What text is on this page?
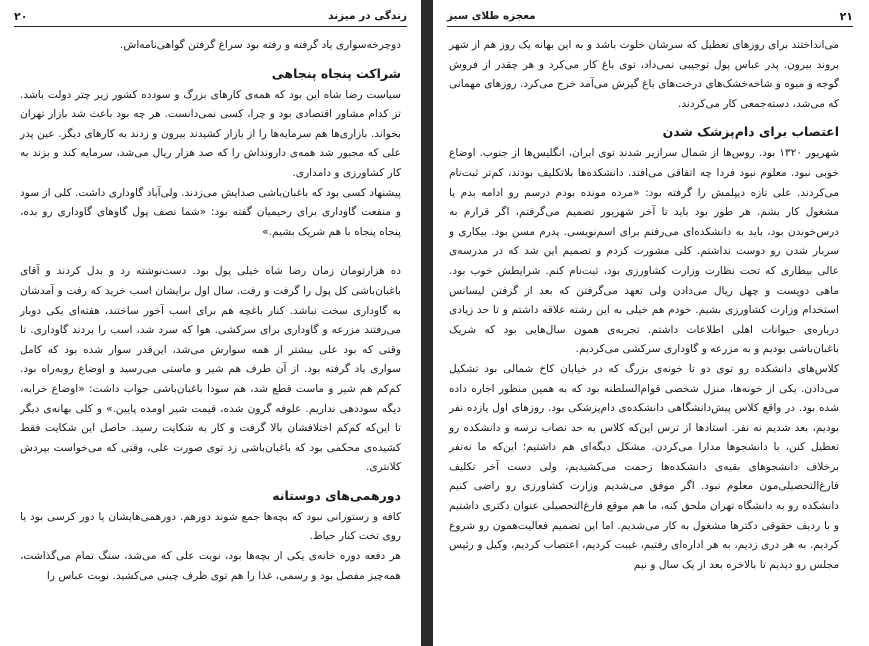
زندگی در میزند
۲۰

دوچرخه‌سواری یاد گرفته و رفته بود سراغ گرفتن گواهی‌نامه‌اش.

شراکت پنجاه پنجاهی

سیاست رضا شاه این بود که همه‌ی کارهای بزرگ و سودده کشور زیر چتر دولت باشد. تز کدام مشاور اقتصادی بود و چرا، کسی نمی‌دانست. هر چه بود باعث شد بازار تهران بخواند. بازاری‌ها هم سرمایه‌ها را از بازار کشیدند بیرون و زدند به کارهای دیگر. عین پدر علی که مجبور شد همه‌ی دارونداش را که صد هزار ریال می‌شد، سرمایه کند و بزند به کار کشاورزی و دامداری.

پیشنهاد کسی بود که باغبان‌باشی صدایش می‌زدند. ولی‌آباد گاوداری داشت. کلی از سود و منفعت گاوداری برای رحیمیان گفته بود: «شما نصف پول گاوهای گاوداری رو بده، پنجاه پنجاه با هم شریک بشیم.»

ده هزارتومان زمان رضا شاه خیلی پول بود. دست‌نوشته رد و بدل کردند و آقای باغبان‌باشی کل پول را گرفت و رفت. سال اول برایشان اسب خرید که رفت و آمدشان به گاوداری سخت نباشد. کنار باغچه هم برای اسب آخور ساختند، هفته‌ای یکی دوبار می‌رفتند مزرعه و گاوداری برای سرکشی. هوا که سرد شد، اسب را بردند گاوداری. تا وقتی که بود علی بیشتر از همه سوارش می‌شد، این‌قدر سوار شده بود که کامل سواری یاد گرفته بود. از آن طرف هم شیر و ماستی می‌رسید و اوضاع روبه‌راه بود. کم‌کم هم شیر و ماست قطع شد، هم سودا باغبان‌باشی جواب داشت: «اوضاع خرابه، دیگه سوددهی نداریم. علوفه گرون شده، قیمت شیر اومده پایین.» و کلی بهانه‌ی دیگر تا این‌که کم‌کم اختلافشان بالا گرفت و کار به شکایت رسید. حاصل این شکایت فقط کشیده‌ی محکمی بود که باغبان‌باشی زد توی صورت علی، وقتی که می‌خواست بپردش کلانتری.

دورهمی‌های دوستانه

کافه و رستورانی نبود که بچه‌ها جمع شوند دورهم. دورهمی‌هایشان یا دور کرسی بود یا روی تخت کنار حیاط.

هر دفعه دوره خانه‌ی یکی از بچه‌ها بود، نوبت علی که می‌شد، سنگ تمام می‌گذاشت، همه‌چیز مفصل بود و رسمی، غذا را هم توی ظرف چینی می‌کشید. نوبت عباس را

۲۱
معجزه طلای سبز

می‌انداختند برای روزهای تعطیل که سرشان خلوت باشد و به این بهانه یک روز هم از شهر بروند بیرون. پدر عباس پول توجیبی نمی‌داد، توی باغ کار می‌کرد و هر چقدر از فروش گوجه و میوه و شاخه‌خشک‌های درخت‌های باغ گیرش می‌آمد خرج می‌کرد. روزهای مهمانی که می‌شد، دسته‌جمعی کار می‌کردند.

اعتصاب برای دام‌پزشک شدن

شهریور ۱۳۲۰ بود. روس‌ها از شمال سرازیر شدند توی ایران، انگلیس‌ها از جنوب. اوضاع خوبی نبود. معلوم نبود فردا چه اتفاقی می‌افتد. دانشکده‌ها بلاتکلیف بودند، کم‌تر ثبت‌نام می‌کردند. علی تازه دیپلمش را گرفته بود: «مرده مونده بودم درسم رو ادامه بدم یا مشغول کار بشم. هر طور بود باید تا آخر شهریور تصمیم می‌گرفتم، اگر قرارم به درس‌خوندن بود، باید به دانشکده‌ای می‌رفتم برای اسم‌نویسی. پدرم مسن بود. بیکاری و سربار شدن رو دوست نداشتم. کلی مشورت کردم و تصمیم این شد که در مدرسه‌ی عالی بیطاری که تحت نظارت وزارت کشاورزی بود، ثبت‌نام کنم. شرایطش خوب بود. ماهی دویست و چهل ریال می‌دادن ولی تعهد می‌گرفتن که بعد از گرفتن لیسانس استخدام وزارت کشاورزی بشیم. خودم هم خیلی به این رشته علاقه داشتم و تا حد زیادی درباره‌ی حیوانات اهلی اطلاعات داشتم. تجربه‌ی همون سال‌هایی بود که شریک باغبان‌باشی بودیم و به مزرعه و گاوداری سرکشی می‌کردیم.

کلاس‌های دانشکده رو توی دو تا خونه‌ی بزرگ که در خیابان کاخ شمالی بود تشکیل می‌دادن. یکی از خونه‌ها، منزل شخصی قوام‌السلطنه بود که به همین منظور اجاره داده شده بود. در واقع کلاس پیش‌دانشگاهی دانشکده‌ی دام‌پزشکی بود. روزهای اول یازده نفر بودیم، بعد شدیم نه نفر. استادها از ترس این‌که کلاس به حد نصاب نرسه و دانشکده رو تعطیل کنن، با دانشجوها مدارا می‌کردن. مشکل دیگه‌ای هم داشتیم؛ این‌که ما نه‌نفر برخلاف دانشجوهای بقیه‌ی دانشکده‌ها زحمت می‌کشیدیم، ولی دست آخر تکلیف فارغ‌التحصیلی‌مون معلوم نبود. اگر موفق می‌شدیم وزارت کشاورزی رو راضی کنیم دانشکده رو به دانشگاه تهران ملحق کنه، ما هم موقع فارغ‌التحصیلی عنوان دکتری داشتیم و با ردیف حقوقی دکترها مشغول به کار می‌شدیم. اما این تصمیم فعالیت‌همون رو شروع کردیم. به هر دری زدیم، به هر اداره‌ای رفتیم، غیبت کردیم، اعتصاب کردیم، وکیل و رئیس مجلس رو دیدیم تا بالاخره بعد از یک سال و نیم
